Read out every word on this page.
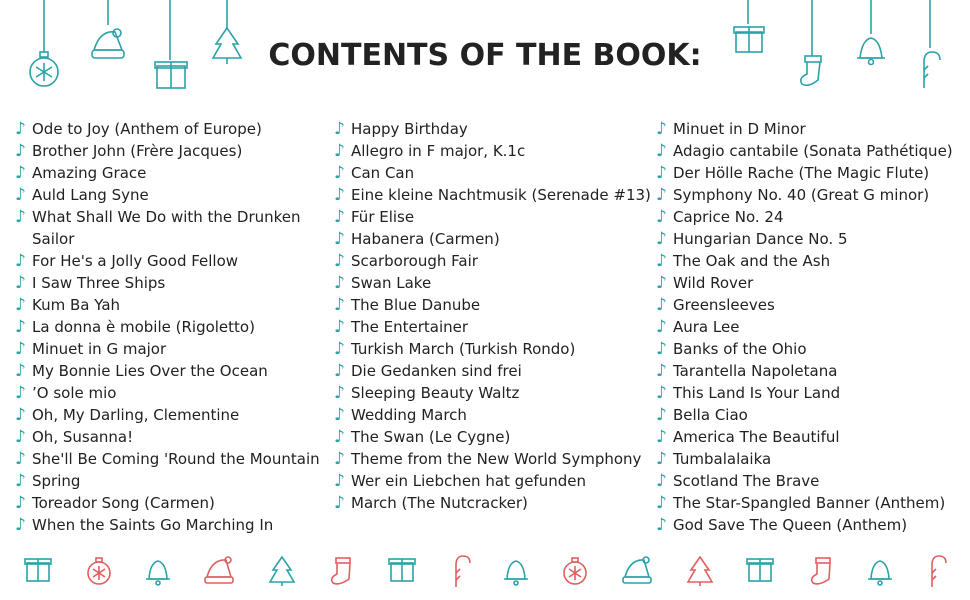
CONTENTS OF THE BOOK:
♪ Ode to Joy (Anthem of Europe)
♪ Brother John (Frère Jacques)
♪ Amazing Grace
♪ Auld Lang Syne
♪ What Shall We Do with the Drunken Sailor
♪ For He's a Jolly Good Fellow
♪ I Saw Three Ships
♪ Kum Ba Yah
♪ La donna è mobile (Rigoletto)
♪ Minuet in G major
♪ My Bonnie Lies Over the Ocean
♪ ’O sole mio
♪ Oh, My Darling, Clementine
♪ Oh, Susanna!
♪ She'll Be Coming 'Round the Mountain
♪ Spring
♪ Toreador Song (Carmen)
♪ When the Saints Go Marching In
♪ Happy Birthday
♪ Allegro in F major, K.1c
♪ Can Can
♪ Eine kleine Nachtmusik (Serenade #13)
♪ Für Elise
♪ Habanera (Carmen)
♪ Scarborough Fair
♪ Swan Lake
♪ The Blue Danube
♪ The Entertainer
♪ Turkish March (Turkish Rondo)
♪ Die Gedanken sind frei
♪ Sleeping Beauty Waltz
♪ Wedding March
♪ The Swan (Le Cygne)
♪ Theme from the New World Symphony
♪ Wer ein Liebchen hat gefunden
♪ March (The Nutcracker)
♪ Minuet in D Minor
♪ Adagio cantabile (Sonata Pathétique)
♪ Der Hölle Rache (The Magic Flute)
♪ Symphony No. 40 (Great G minor)
♪ Caprice No. 24
♪ Hungarian Dance No. 5
♪ The Oak and the Ash
♪ Wild Rover
♪ Greensleeves
♪ Aura Lee
♪ Banks of the Ohio
♪ Tarantella Napoletana
♪ This Land Is Your Land
♪ Bella Ciao
♪ America The Beautiful
♪ Tumbalalaika
♪ Scotland The Brave
♪ The Star-Spangled Banner (Anthem)
♪ God Save The Queen (Anthem)
